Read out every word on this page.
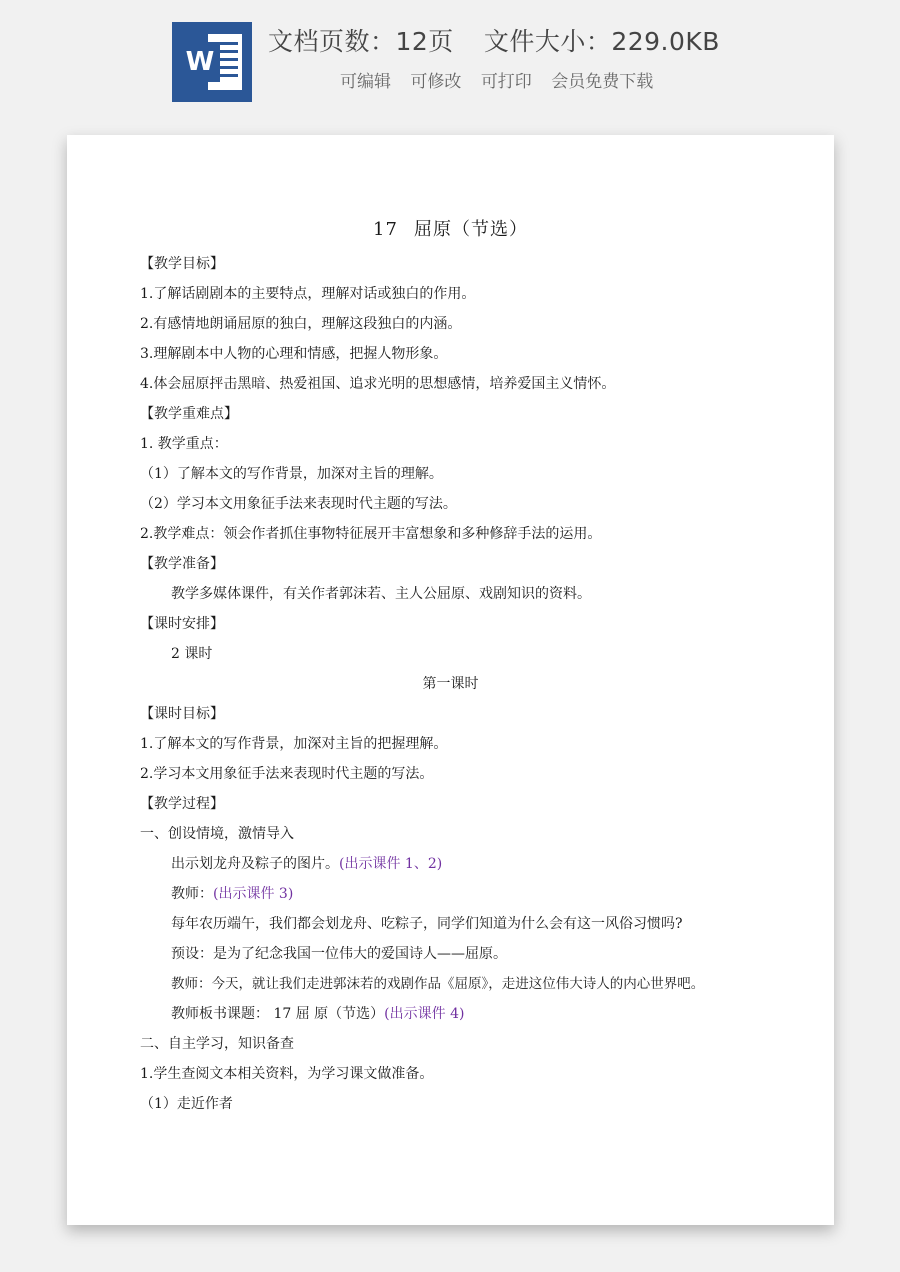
W
文档页数：12页 文件大小：229.0KB
可编辑 可修改 可打印 会员免费下载
17 屈原（节选）
【教学目标】
1.了解话剧剧本的主要特点，理解对话或独白的作用。
2.有感情地朗诵屈原的独白，理解这段独白的内涵。
3.理解剧本中人物的心理和情感，把握人物形象。
4.体会屈原抨击黑暗、热爱祖国、追求光明的思想感情，培养爱国主义情怀。
【教学重难点】
1. 教学重点：
（1）了解本文的写作背景，加深对主旨的理解。
（2）学习本文用象征手法来表现时代主题的写法。
2.教学难点：领会作者抓住事物特征展开丰富想象和多种修辞手法的运用。
【教学准备】
教学多媒体课件，有关作者郭沫若、主人公屈原、戏剧知识的资料。
【课时安排】
2 课时
第一课时
【课时目标】
1.了解本文的写作背景，加深对主旨的把握理解。
2.学习本文用象征手法来表现时代主题的写法。
【教学过程】
一、创设情境，激情导入
出示划龙舟及粽子的图片。(出示课件 1、2)
教师：(出示课件 3)
每年农历端午，我们都会划龙舟、吃粽子，同学们知道为什么会有这一风俗习惯吗?
预设：是为了纪念我国一位伟大的爱国诗人——屈原。
教师：今天，就让我们走进郭沫若的戏剧作品《屈原》，走进这位伟大诗人的内心世界吧。
教师板书课题： 17 屈 原（节选）(出示课件 4)
二、自主学习，知识备查
1.学生查阅文本相关资料，为学习课文做准备。
（1）走近作者
